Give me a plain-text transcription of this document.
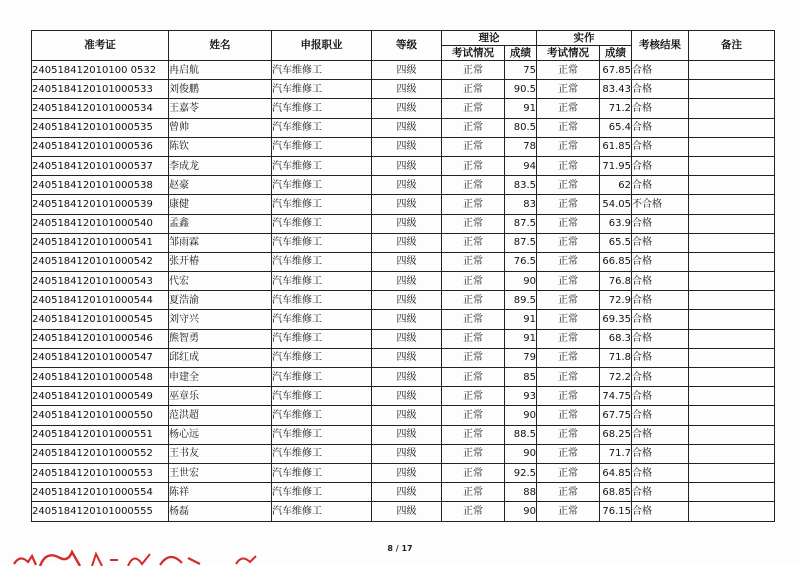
准考证	姓名	申报职业	等级	理论		实作		考核结果	备注
				考试情况	成绩	考试情况	成绩		
240518412010100 0532	冉启航	汽车维修工	四级	正常	75	正常	67.85	合格	
2405184120101000533	刘俊鹏	汽车维修工	四级	正常	90.5	正常	83.43	合格	
2405184120101000534	王嘉苓	汽车维修工	四级	正常	91	正常	71.2	合格	
2405184120101000535	曾帅	汽车维修工	四级	正常	80.5	正常	65.4	合格	
2405184120101000536	陈钦	汽车维修工	四级	正常	78	正常	61.85	合格	
2405184120101000537	李成龙	汽车维修工	四级	正常	94	正常	71.95	合格	
2405184120101000538	赵豪	汽车维修工	四级	正常	83.5	正常	62	合格	
2405184120101000539	康健	汽车维修工	四级	正常	83	正常	54.05	不合格	
2405184120101000540	孟鑫	汽车维修工	四级	正常	87.5	正常	63.9	合格	
2405184120101000541	邹雨霖	汽车维修工	四级	正常	87.5	正常	65.5	合格	
2405184120101000542	张开椿	汽车维修工	四级	正常	76.5	正常	66.85	合格	
2405184120101000543	代宏	汽车维修工	四级	正常	90	正常	76.8	合格	
2405184120101000544	夏浩渝	汽车维修工	四级	正常	89.5	正常	72.9	合格	
2405184120101000545	刘守兴	汽车维修工	四级	正常	91	正常	69.35	合格	
2405184120101000546	熊智勇	汽车维修工	四级	正常	91	正常	68.3	合格	
2405184120101000547	邱红成	汽车维修工	四级	正常	79	正常	71.8	合格	
2405184120101000548	申建全	汽车维修工	四级	正常	85	正常	72.2	合格	
2405184120101000549	巫章乐	汽车维修工	四级	正常	93	正常	74.75	合格	
2405184120101000550	范洪超	汽车维修工	四级	正常	90	正常	67.75	合格	
2405184120101000551	杨心远	汽车维修工	四级	正常	88.5	正常	68.25	合格	
2405184120101000552	王书友	汽车维修工	四级	正常	90	正常	71.7	合格	
2405184120101000553	王世宏	汽车维修工	四级	正常	92.5	正常	64.85	合格	
2405184120101000554	陈祥	汽车维修工	四级	正常	88	正常	68.85	合格	
2405184120101000555	杨磊	汽车维修工	四级	正常	90	正常	76.15	合格	
8 / 17
